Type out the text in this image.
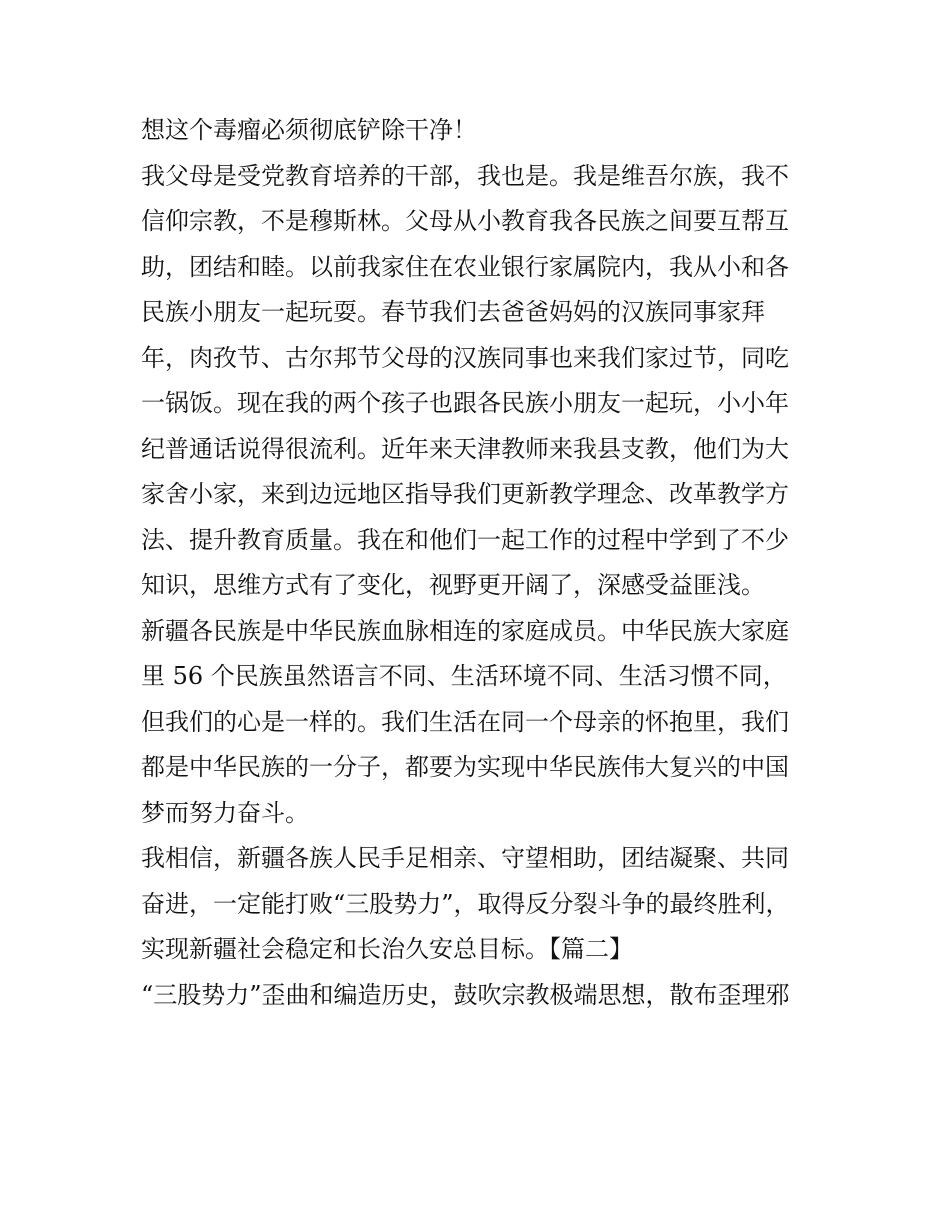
想这个毒瘤必须彻底铲除干净！
我父母是受党教育培养的干部，我也是。我是维吾尔族，我不
信仰宗教，不是穆斯林。父母从小教育我各民族之间要互帮互
助，团结和睦。以前我家住在农业银行家属院内，我从小和各
民族小朋友一起玩耍。春节我们去爸爸妈妈的汉族同事家拜
年，肉孜节、古尔邦节父母的汉族同事也来我们家过节，同吃
一锅饭。现在我的两个孩子也跟各民族小朋友一起玩，小小年
纪普通话说得很流利。近年来天津教师来我县支教，他们为大
家舍小家，来到边远地区指导我们更新教学理念、改革教学方
法、提升教育质量。我在和他们一起工作的过程中学到了不少
知识，思维方式有了变化，视野更开阔了，深感受益匪浅。
新疆各民族是中华民族血脉相连的家庭成员。中华民族大家庭
里 56 个民族虽然语言不同、生活环境不同、生活习惯不同，
但我们的心是一样的。我们生活在同一个母亲的怀抱里，我们
都是中华民族的一分子，都要为实现中华民族伟大复兴的中国
梦而努力奋斗。
我相信，新疆各族人民手足相亲、守望相助，团结凝聚、共同
奋进，一定能打败“三股势力”，取得反分裂斗争的最终胜利，
实现新疆社会稳定和长治久安总目标。【篇二】
“三股势力”歪曲和编造历史，鼓吹宗教极端思想，散布歪理邪
